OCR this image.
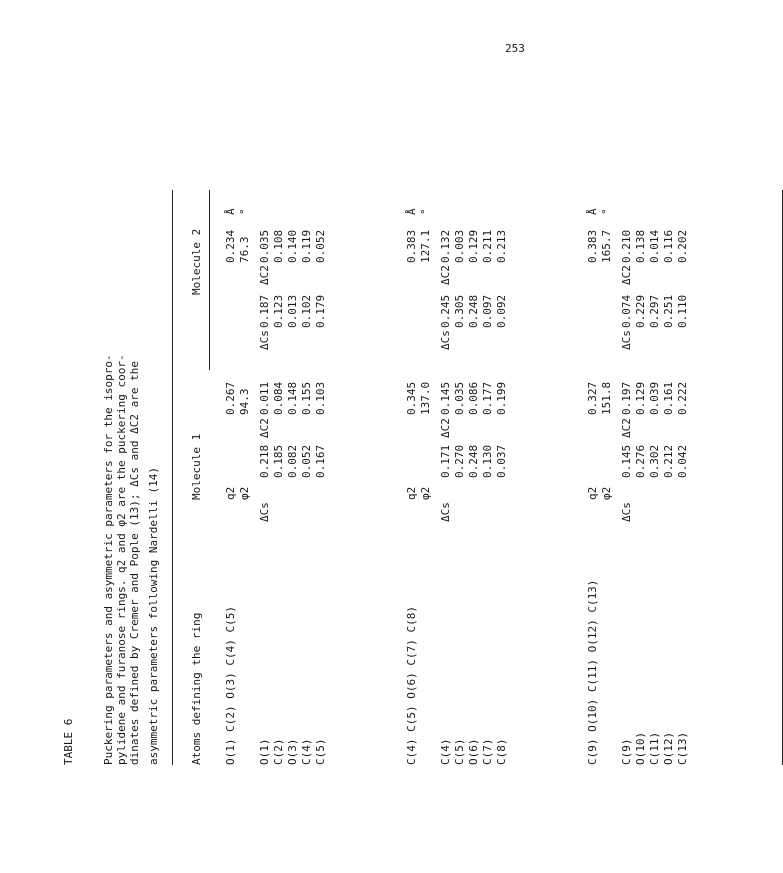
253

TABLE 6

Puckering parameters and asymmetric parameters for the isopro-

pylidene and furanose rings. q2 and φ2 are the puckering coor-

dinates defined by Cremer and Pople (13); ΔCs and ΔC2 are the

asymmetric parameters following Nardelli (14)

	Atoms defining the ring

Molecule 1

Molecule 2

O(1) C(2) O(3) C(4) C(5)
q2
0.267
0.234
Å
φ2
94.3
76.3
°
ΔCs
ΔC2
ΔCs
ΔC2
O(1)
0.218
0.011
0.187
0.035
C(2)
0.185
0.084
0.123
0.108
O(3)
0.082
0.148
0.013
0.140
C(4)
0.052
0.155
0.102
0.119
C(5)
0.167
0.103
0.179
0.052
C(4) C(5) O(6) C(7) C(8)
q2
0.345
0.383
Å
φ2
137.0
127.1
°
ΔCs
ΔC2
ΔCs
ΔC2
C(4)
0.171
0.145
0.245
0.132
C(5)
0.270
0.035
0.305
0.003
O(6)
0.248
0.086
0.248
0.129
C(7)
0.130
0.177
0.097
0.211
C(8)
0.037
0.199
0.092
0.213
C(9) O(10) C(11) O(12) C(13)
q2
0.327
0.383
Å
φ2
151.8
165.7
°
ΔCs
ΔC2
ΔCs
ΔC2
C(9)
0.145
0.197
0.074
0.210
O(10)
0.276
0.129
0.229
0.138
C(11)
0.302
0.039
0.297
0.014
O(12)
0.212
0.161
0.251
0.116
C(13)
0.042
0.222
0.110
0.202
